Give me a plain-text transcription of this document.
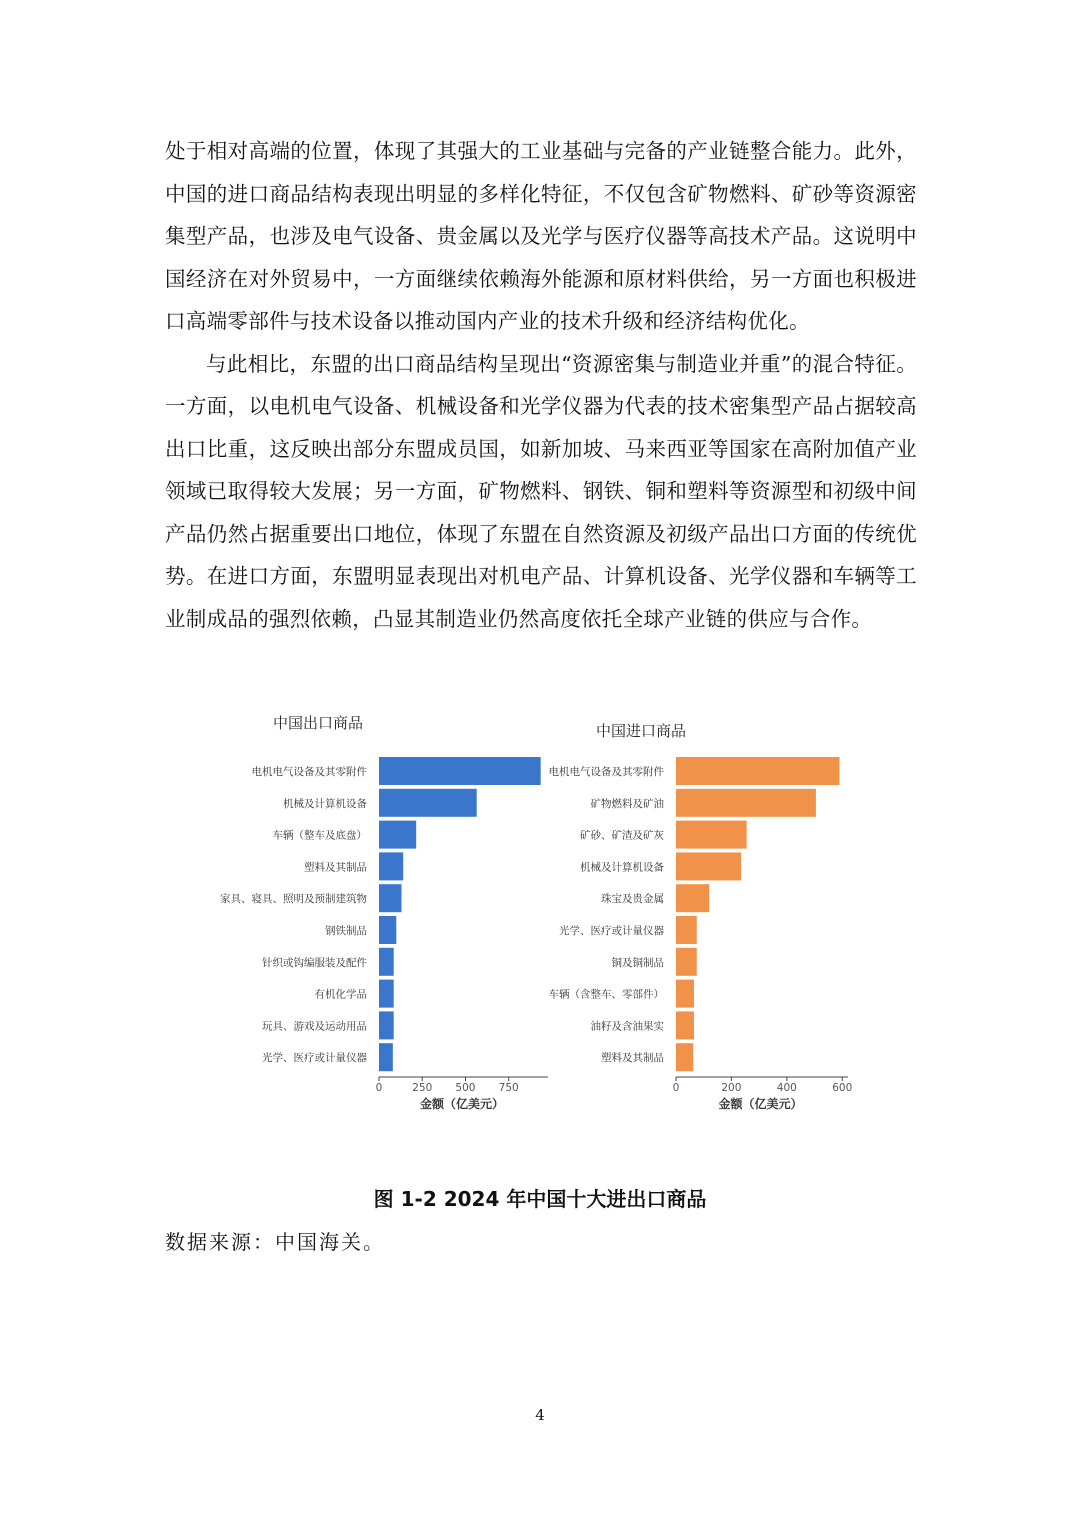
处于相对高端的位置，体现了其强大的工业基础与完备的产业链整合能力。此外，中国的进口商品结构表现出明显的多样化特征，不仅包含矿物燃料、矿砂等资源密集型产品，也涉及电气设备、贵金属以及光学与医疗仪器等高技术产品。这说明中国经济在对外贸易中，一方面继续依赖海外能源和原材料供给，另一方面也积极进口高端零部件与技术设备以推动国内产业的技术升级和经济结构优化。

与此相比，东盟的出口商品结构呈现出“资源密集与制造业并重”的混合特征。一方面，以电机电气设备、机械设备和光学仪器为代表的技术密集型产品占据较高出口比重，这反映出部分东盟成员国，如新加坡、马来西亚等国家在高附加值产业领域已取得较大发展；另一方面，矿物燃料、钢铁、铜和塑料等资源型和初级中间产品仍然占据重要出口地位，体现了东盟在自然资源及初级产品出口方面的传统优势。在进口方面，东盟明显表现出对机电产品、计算机设备、光学仪器和车辆等工业制成品的强烈依赖，凸显其制造业仍然高度依托全球产业链的供应与合作。

中国出口商品
电机电气设备及其零附件
机械及计算机设备
车辆（整车及底盘）
塑料及其制品
家具、寝具、照明及预制建筑物
钢铁制品
针织或钩编服装及配件
有机化学品
玩具、游戏及运动用品
光学、医疗或计量仪器
0	250 500 750
金额（亿美元）
中国进口商品
电机电气设备及其零附件
矿物燃料及矿油
矿砂、矿渣及矿灰
机械及计算机设备
珠宝及贵金属
光学、医疗或计量仪器
铜及铜制品
车辆（含整车、零部件）
油籽及含油果实
塑料及其制品
0	200	400	600
金额（亿美元）
图 1-2 2024 年中国十大进出口商品
数据来源：中国海关。
4
